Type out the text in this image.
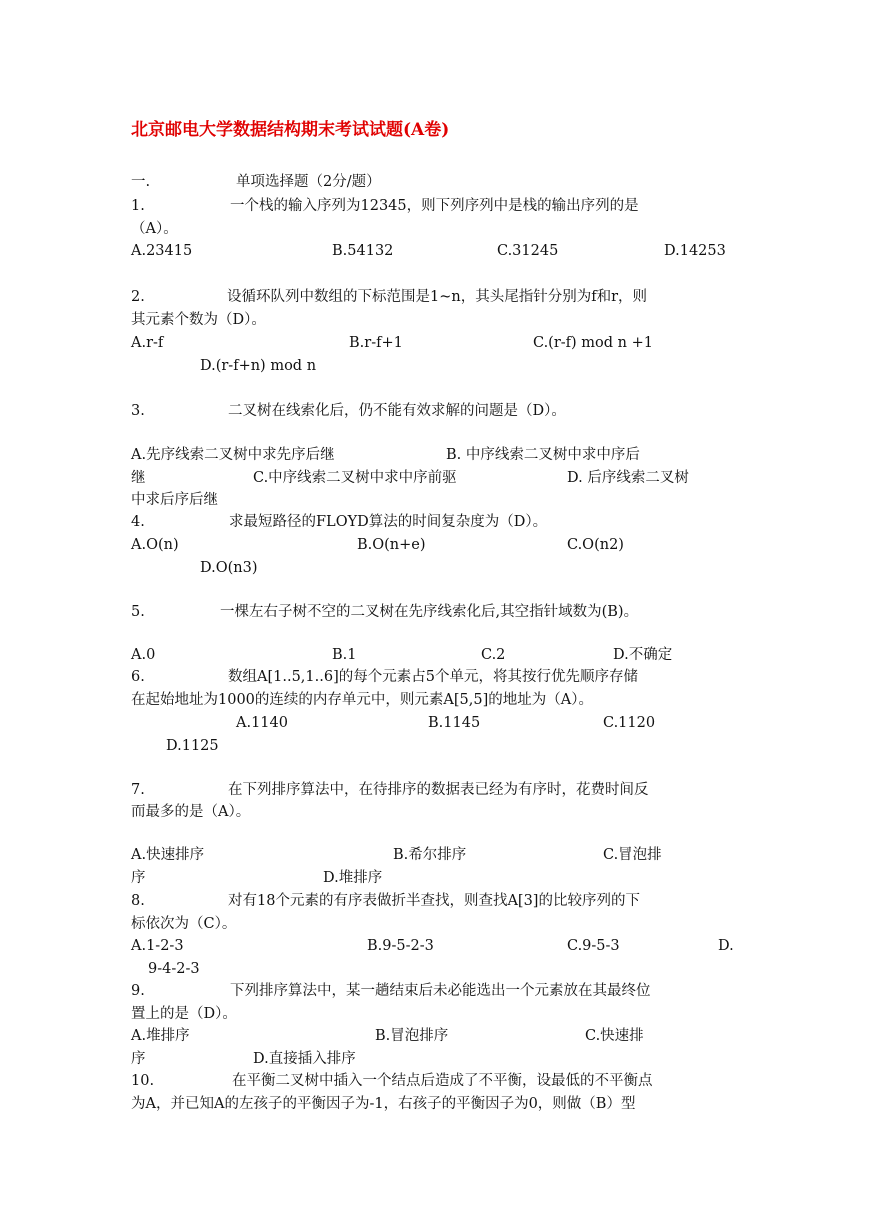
北京邮电大学数据结构期末考试试题(A卷)
一.	单项选择题（2分/题）
1.	一个栈的输入序列为12345，则下列序列中是栈的输出序列的是
（A）。
A.23415	B.54132	C.31245	D.14253
2.	设循环队列中数组的下标范围是1~n，其头尾指针分别为f和r，则
其元素个数为（D）。
A.r-f	B.r-f+1	C.(r-f) mod n +1
D.(r-f+n) mod n
3.	二叉树在线索化后，仍不能有效求解的问题是（D）。
A.先序线索二叉树中求先序后继	B. 中序线索二叉树中求中序后
继	C.中序线索二叉树中求中序前驱	D. 后序线索二叉树
中求后序后继
4.	求最短路径的FLOYD算法的时间复杂度为（D）。
A.O(n)	B.O(n+e)	C.O(n2)
D.O(n3)
5.	一棵左右子树不空的二叉树在先序线索化后,其空指针域数为(B)。
A.0	B.1	C.2	D.不确定
6.	数组A[1..5,1..6]的每个元素占5个单元，将其按行优先顺序存储
在起始地址为1000的连续的内存单元中，则元素A[5,5]的地址为（A）。
A.1140	B.1145	C.1120
D.1125
7.	在下列排序算法中，在待排序的数据表已经为有序时，花费时间反
而最多的是（A）。
A.快速排序	B.希尔排序	C.冒泡排
序	D.堆排序
8.	对有18个元素的有序表做折半查找，则查找A[3]的比较序列的下
标依次为（C）。
A.1-2-3	B.9-5-2-3	C.9-5-3	D.
9-4-2-3
9.	下列排序算法中，某一趟结束后未必能选出一个元素放在其最终位
置上的是（D）。
A.堆排序	B.冒泡排序	C.快速排
序	D.直接插入排序
10.	在平衡二叉树中插入一个结点后造成了不平衡，设最低的不平衡点
为A，并已知A的左孩子的平衡因子为-1，右孩子的平衡因子为0，则做（B）型
